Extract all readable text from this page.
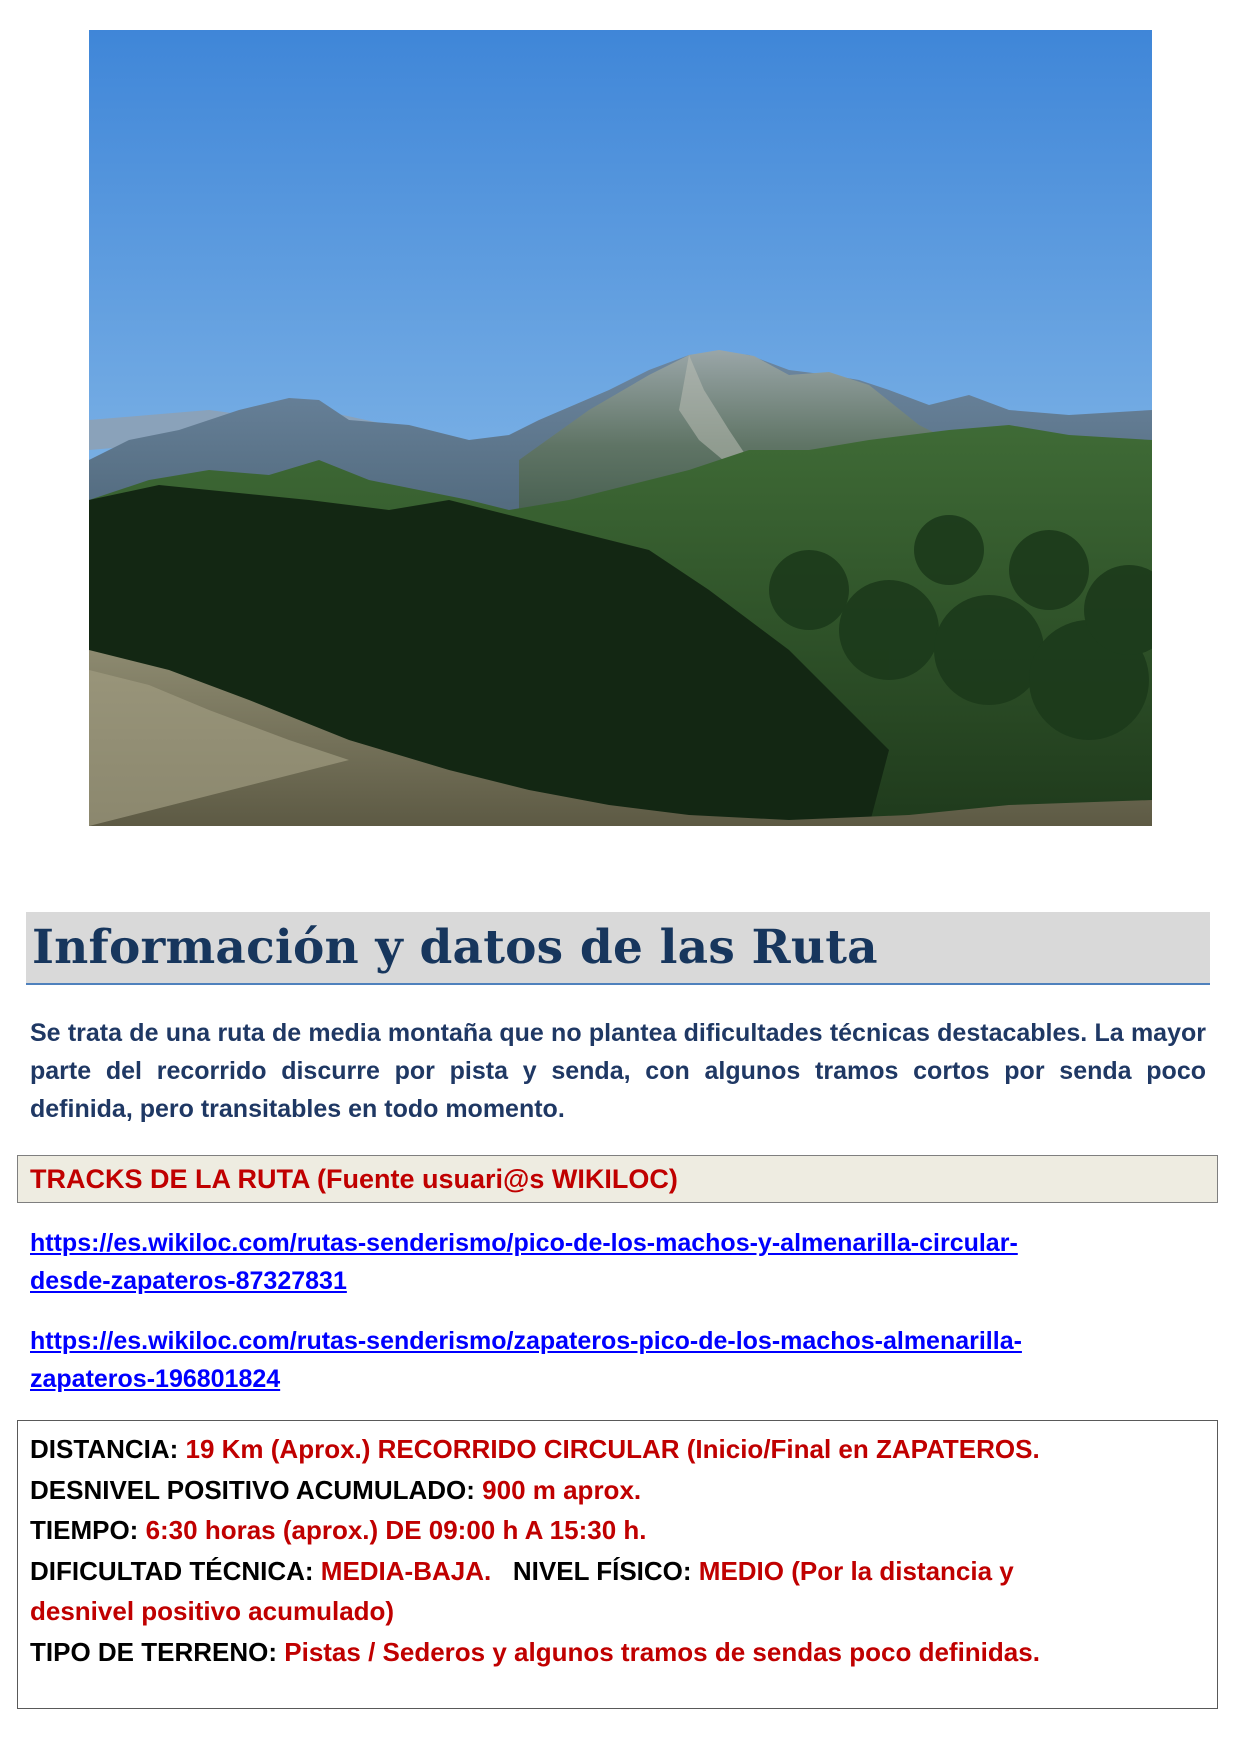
Información y datos de las Ruta

Se trata de una ruta de media montaña que no plantea dificultades técnicas destacables. La mayor parte del recorrido discurre por pista y senda, con algunos tramos cortos por senda poco definida, pero transitables en todo momento.

TRACKS DE LA RUTA (Fuente usuari@s WIKILOC)
https://es.wikiloc.com/rutas-senderismo/pico-de-los-machos-y-almenarilla-circular-
desde-zapateros-87327831
https://es.wikiloc.com/rutas-senderismo/zapateros-pico-de-los-machos-almenarilla-
zapateros-196801824

DISTANCIA: 19 Km (Aprox.) RECORRIDO CIRCULAR (Inicio/Final en ZAPATEROS.

DESNIVEL POSITIVO ACUMULADO: 900 m aprox.

TIEMPO: 6:30 horas (aprox.) DE 09:00 h A 15:30 h.

DIFICULTAD TÉCNICA: MEDIA-BAJA. NIVEL FÍSICO: MEDIO (Por la distancia y

desnivel positivo acumulado)

TIPO DE TERRENO: Pistas / Sederos y algunos tramos de sendas poco definidas.
